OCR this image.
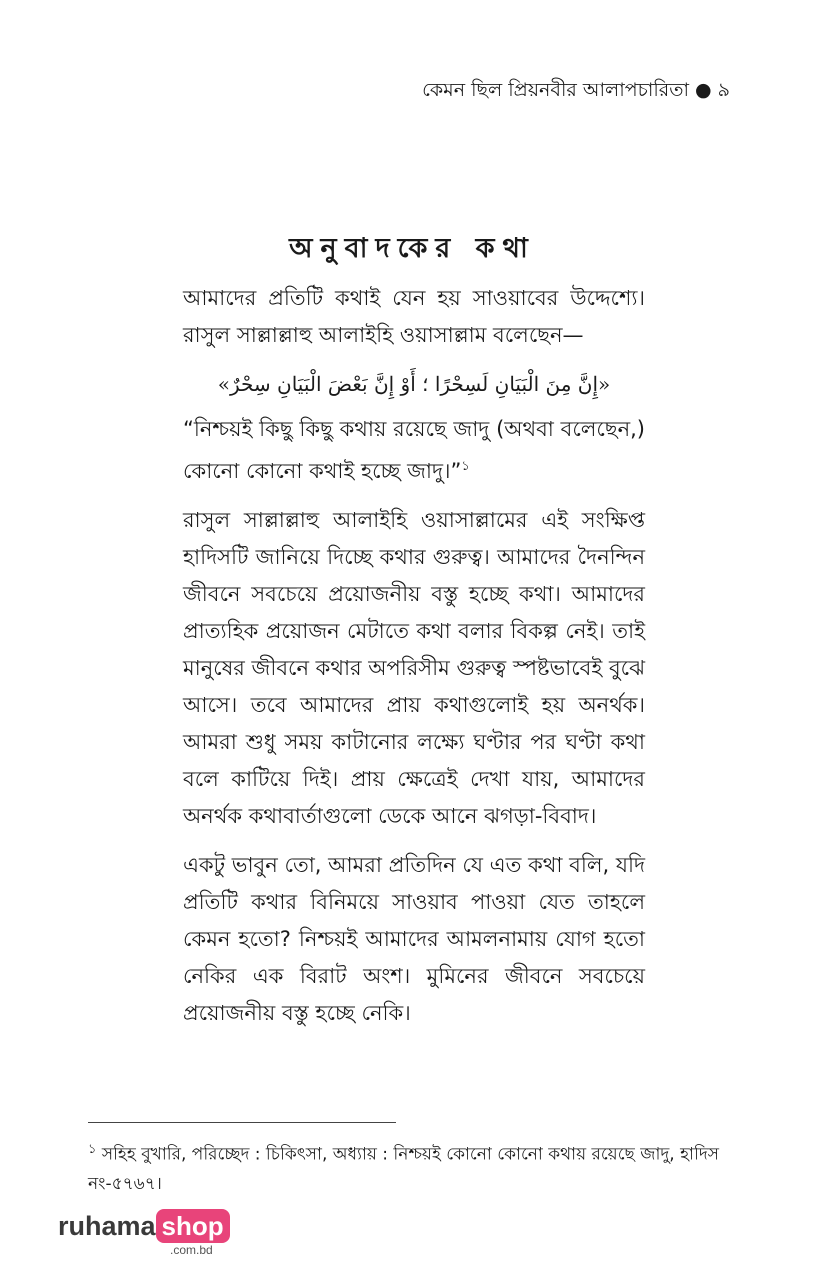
কেমন ছিল প্রিয়নবীর আলাপচারিতা ● ৯
অনুবাদকের কথা

আমাদের প্রতিটি কথাই যেন হয় সাওয়াবের উদ্দেশ্যে। রাসুল সাল্লাল্লাহু আলাইহি ওয়াসাল্লাম বলেছেন—

«إِنَّ مِنَ الْبَيَانِ لَسِحْرًا ؛ أَوْ إِنَّ بَعْضَ الْبَيَانِ سِحْرٌ»

“নিশ্চয়ই কিছু কিছু কথায় রয়েছে জাদু (অথবা বলেছেন,) কোনো কোনো কথাই হচ্ছে জাদু।”$^১$

রাসুল সাল্লাল্লাহু আলাইহি ওয়াসাল্লামের এই সংক্ষিপ্ত হাদিসটি জানিয়ে দিচ্ছে কথার গুরুত্ব। আমাদের দৈনন্দিন জীবনে সবচেয়ে প্রয়োজনীয় বস্তু হচ্ছে কথা। আমাদের প্রাত্যহিক প্রয়োজন মেটাতে কথা বলার বিকল্প নেই। তাই মানুষের জীবনে কথার অপরিসীম গুরুত্ব স্পষ্টভাবেই বুঝে আসে। তবে আমাদের প্রায় কথাগুলোই হয় অনর্থক। আমরা শুধু সময় কাটানোর লক্ষ্যে ঘণ্টার পর ঘণ্টা কথা বলে কাটিয়ে দিই। প্রায় ক্ষেত্রেই দেখা যায়, আমাদের অনর্থক কথাবার্তাগুলো ডেকে আনে ঝগড়া-বিবাদ।

একটু ভাবুন তো, আমরা প্রতিদিন যে এত কথা বলি, যদি প্রতিটি কথার বিনিময়ে সাওয়াব পাওয়া যেত তাহলে কেমন হতো? নিশ্চয়ই আমাদের আমলনামায় যোগ হতো নেকির এক বিরাট অংশ। মুমিনের জীবনে সবচেয়ে প্রয়োজনীয় বস্তু হচ্ছে নেকি।

$^১$ সহিহ বুখারি, পরিচ্ছেদ : চিকিৎসা, অধ্যায় : নিশ্চয়ই কোনো কোনো কথায় রয়েছে জাদু, হাদিস নং-৫৭৬৭।
ruhama shop
.com.bd
